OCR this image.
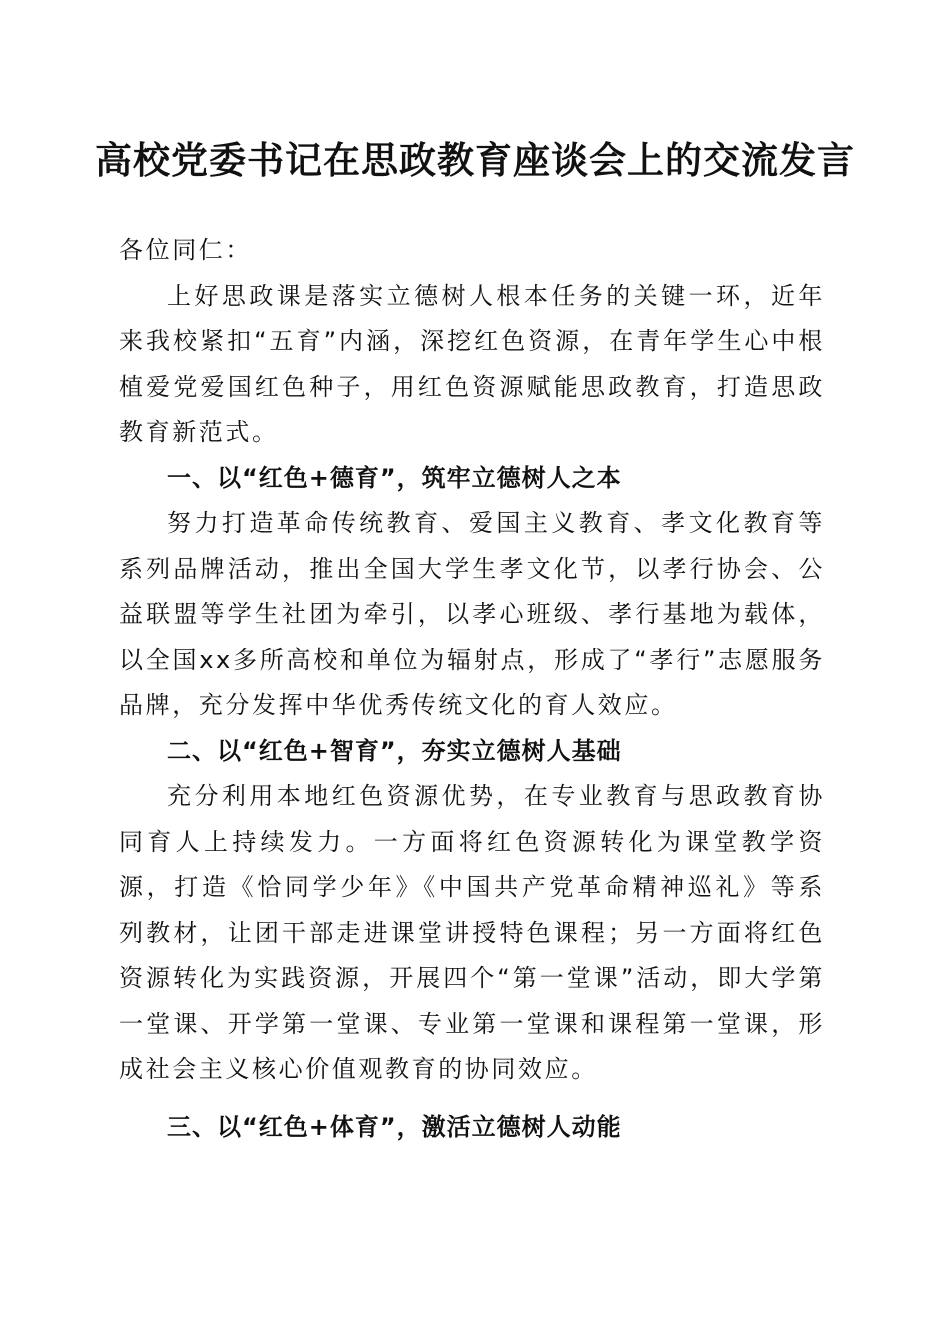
高校党委书记在思政教育座谈会上的交流发言

各位同仁：

上好思政课是落实立德树人根本任务的关键一环，近年来我校紧扣“五育”内涵，深挖红色资源，在青年学生心中根植爱党爱国红色种子，用红色资源赋能思政教育，打造思政教育新范式。

一、以“红色+德育”，筑牢立德树人之本

努力打造革命传统教育、爱国主义教育、孝文化教育等系列品牌活动，推出全国大学生孝文化节，以孝行协会、公益联盟等学生社团为牵引，以孝心班级、孝行基地为载体，以全国xx多所高校和单位为辐射点，形成了“孝行”志愿服务品牌，充分发挥中华优秀传统文化的育人效应。

二、以“红色+智育”，夯实立德树人基础

充分利用本地红色资源优势，在专业教育与思政教育协同育人上持续发力。一方面将红色资源转化为课堂教学资源，打造《恰同学少年》《中国共产党革命精神巡礼》等系列教材，让团干部走进课堂讲授特色课程；另一方面将红色资源转化为实践资源，开展四个“第一堂课”活动，即大学第一堂课、开学第一堂课、专业第一堂课和课程第一堂课，形成社会主义核心价值观教育的协同效应。

三、以“红色+体育”，激活立德树人动能
